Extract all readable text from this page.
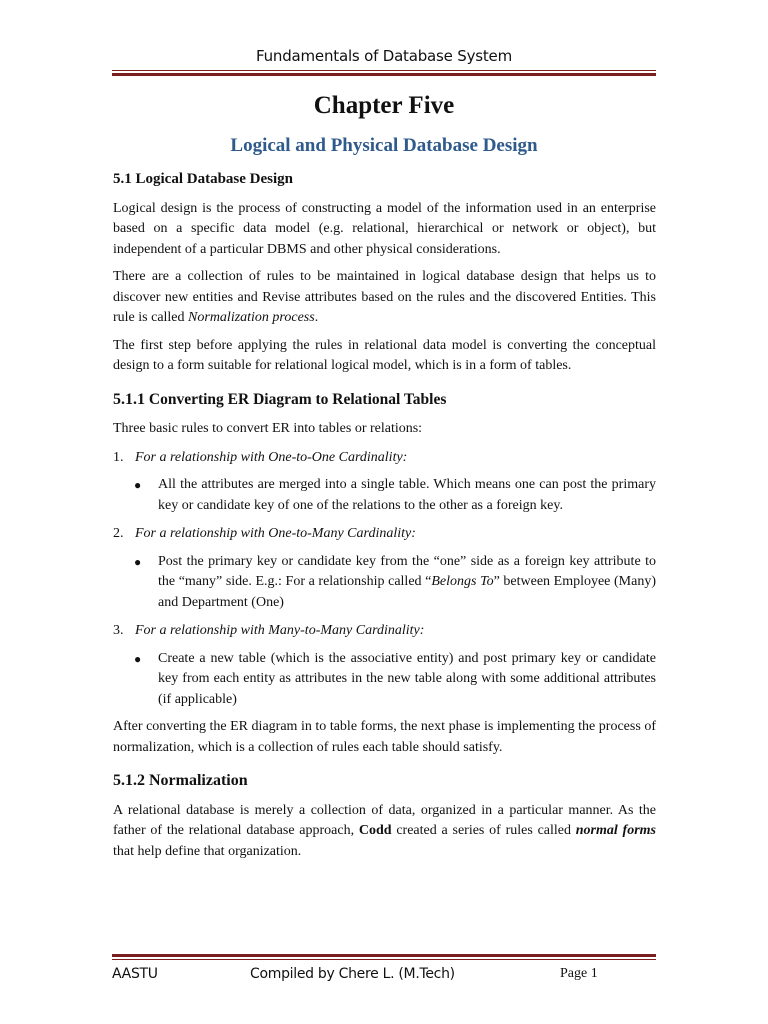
Fundamentals of Database System
Chapter Five
Logical and Physical Database Design
5.1 Logical Database Design

Logical design is the process of constructing a model of the information used in an enterprise based on a specific data model (e.g. relational, hierarchical or network or object), but independent of a particular DBMS and other physical considerations.

There are a collection of rules to be maintained in logical database design that helps us to discover new entities and Revise attributes based on the rules and the discovered Entities. This rule is called Normalization process.

The first step before applying the rules in relational data model is converting the conceptual design to a form suitable for relational logical model, which is in a form of tables.

5.1.1 Converting ER Diagram to Relational Tables

Three basic rules to convert ER into tables or relations:

1. For a relationship with One-to-One Cardinality:
●	All the attributes are merged into a single table. Which means one can post the primary key or candidate key of one of the relations to the other as a foreign key.
2. For a relationship with One-to-Many Cardinality:
●	Post the primary key or candidate key from the “one” side as a foreign key attribute to the “many” side. E.g.: For a relationship called “Belongs To” between Employee (Many) and Department (One)
3. For a relationship with Many-to-Many Cardinality:
●	Create a new table (which is the associative entity) and post primary key or candidate key from each entity as attributes in the new table along with some additional attributes (if applicable)

After converting the ER diagram in to table forms, the next phase is implementing the process of normalization, which is a collection of rules each table should satisfy.

5.1.2 Normalization

A relational database is merely a collection of data, organized in a particular manner. As the father of the relational database approach, Codd created a series of rules called normal forms that help define that organization.

AASTU	Compiled by Chere L. (M.Tech)	Page 1
